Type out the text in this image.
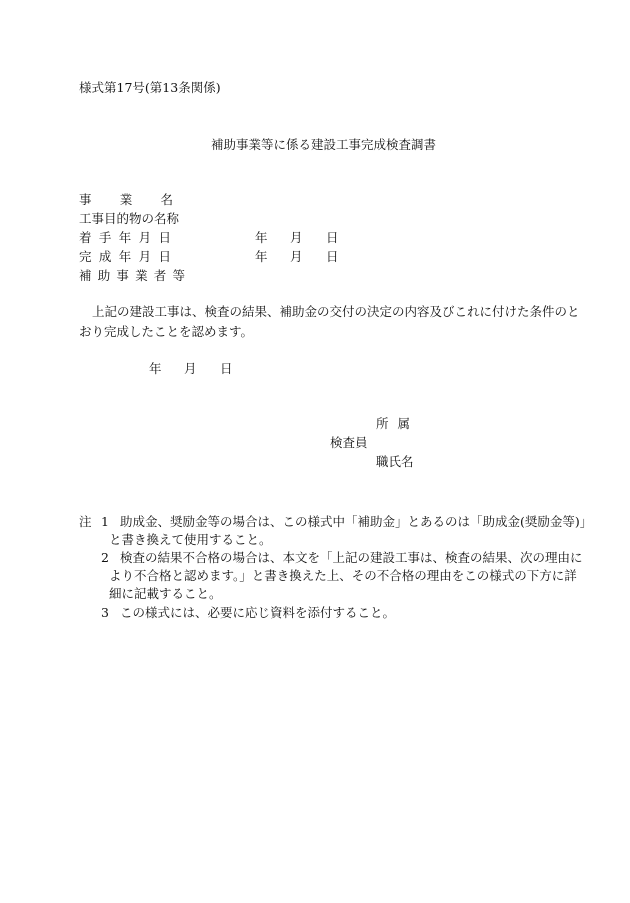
様式第17号(第13条関係)
補助事業等に係る建設工事完成検査調書
事 業 名
工事目的物の名称
着 手 年 月 日	年 月 日
完 成 年 月 日	年 月 日
補 助 事 業 者 等
上記の建設工事は、検査の結果、補助金の交付の決定の内容及びこれに付けた条件のと
おり完成したことを認めます。
年 月 日
所 属
検査員
職氏名
注 1 助成金、奨励金等の場合は、この様式中「補助金」とあるのは「助成金(奨励金等)」
と書き換えて使用すること。
2 検査の結果不合格の場合は、本文を「上記の建設工事は、検査の結果、次の理由に
より不合格と認めます。」と書き換えた上、その不合格の理由をこの様式の下方に詳
細に記載すること。
3 この様式には、必要に応じ資料を添付すること。
